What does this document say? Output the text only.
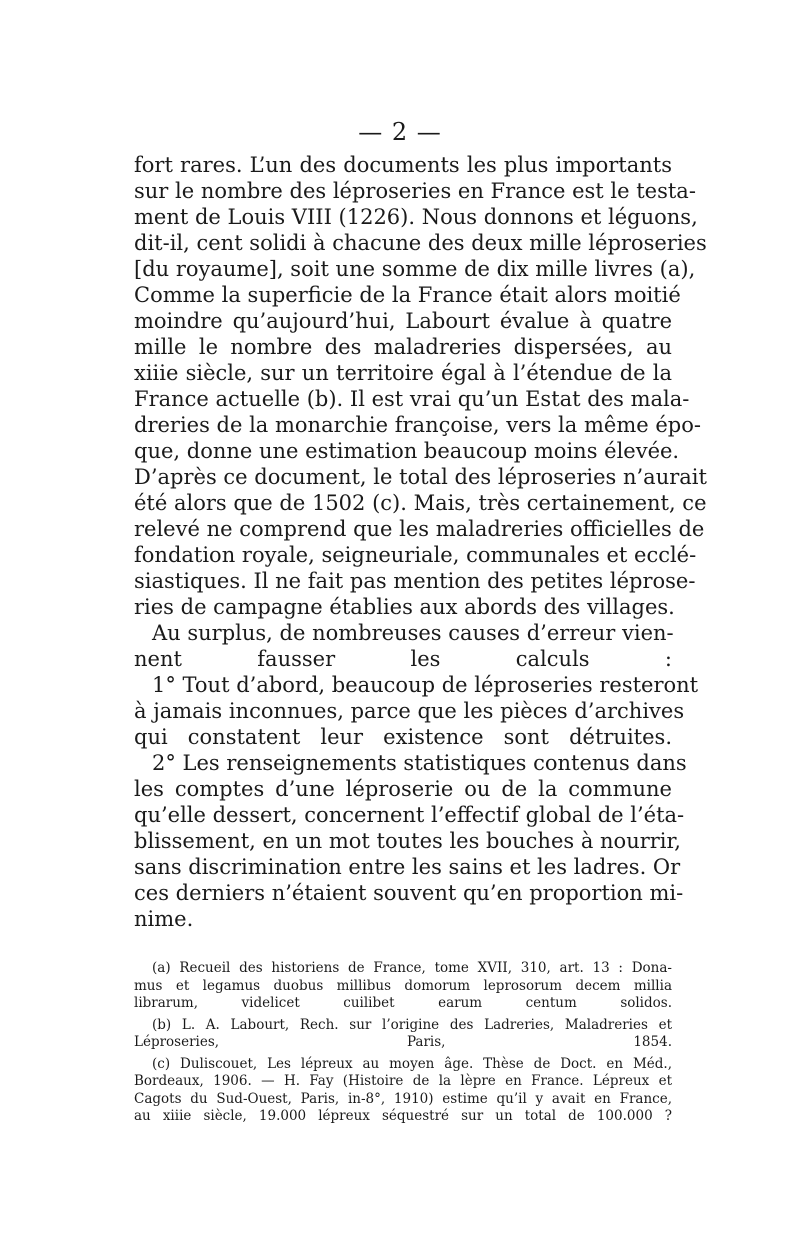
— 2 —
fort rares. L’un des documents les plus importants
sur le nombre des léproseries en France est le testa-
ment de Louis VIII (1226). Nous donnons et léguons,
dit-il, cent solidi à chacune des deux mille léproseries
[du royaume], soit une somme de dix mille livres (a),
Comme la superficie de la France était alors moitié
moindre qu’aujourd’hui, Labourt évalue à quatre
mille le nombre des maladreries dispersées, au
xiiie siècle, sur un territoire égal à l’étendue de la
France actuelle (b). Il est vrai qu’un Estat des mala-
dreries de la monarchie françoise, vers la même épo-
que, donne une estimation beaucoup moins élevée.
D’après ce document, le total des léproseries n’aurait
été alors que de 1502 (c). Mais, très certainement, ce
relevé ne comprend que les maladreries officielles de
fondation royale, seigneuriale, communales et ecclé-
siastiques. Il ne fait pas mention des petites léprose-
ries de campagne établies aux abords des villages.
Au surplus, de nombreuses causes d’erreur vien-
nent fausser les calculs :
1° Tout d’abord, beaucoup de léproseries resteront
à jamais inconnues, parce que les pièces d’archives
qui constatent leur existence sont détruites.
2° Les renseignements statistiques contenus dans
les comptes d’une léproserie ou de la commune
qu’elle dessert, concernent l’effectif global de l’éta-
blissement, en un mot toutes les bouches à nourrir,
sans discrimination entre les sains et les ladres. Or
ces derniers n’étaient souvent qu’en proportion mi-
nime.
(a) Recueil des historiens de France, tome XVII, 310, art. 13 : Dona-
mus et legamus duobus millibus domorum leprosorum decem millia
librarum, videlicet cuilibet earum centum solidos.
(b) L. A. Labourt, Rech. sur l’origine des Ladreries, Maladreries et
Léproseries, Paris, 1854.
(c) Duliscouet, Les lépreux au moyen âge. Thèse de Doct. en Méd.,
Bordeaux, 1906. — H. Fay (Histoire de la lèpre en France. Lépreux et
Cagots du Sud-Ouest, Paris, in-8°, 1910) estime qu’il y avait en France,
au xiiie siècle, 19.000 lépreux séquestré sur un total de 100.000 ?
